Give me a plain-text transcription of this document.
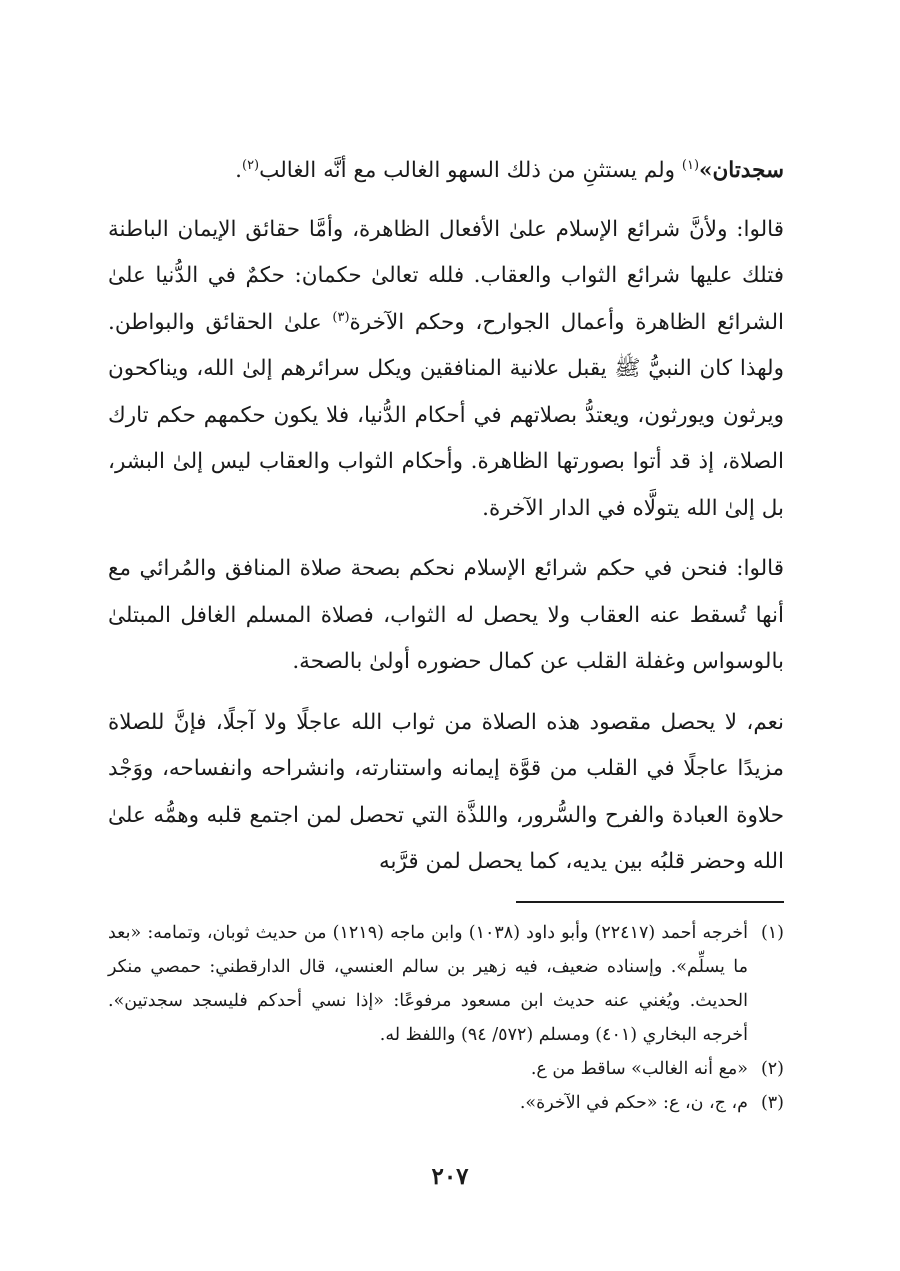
سجدتان»$^{(١)}$ ولم يستثنِ من ذلك السهو الغالب مع أنَّه الغالب$^{(٢)}$.

قالوا: ولأنَّ شرائع الإسلام علىٰ الأفعال الظاهرة، وأمَّا حقائق الإيمان الباطنة فتلك عليها شرائع الثواب والعقاب. فلله تعالىٰ حكمان: حكمٌ في الدُّنيا علىٰ الشرائع الظاهرة وأعمال الجوارح، وحكم الآخرة$^{(٣)}$ علىٰ الحقائق والبواطن. ولهذا كان النبيُّ ﷺ يقبل علانية المنافقين ويكل سرائرهم إلىٰ الله، ويناكحون ويرثون ويورثون، ويعتدُّ بصلاتهم في أحكام الدُّنيا، فلا يكون حكمهم حكم تارك الصلاة، إذ قد أتوا بصورتها الظاهرة. وأحكام الثواب والعقاب ليس إلىٰ البشر، بل إلىٰ الله يتولَّاه في الدار الآخرة.

قالوا: فنحن في حكم شرائع الإسلام نحكم بصحة صلاة المنافق والمُرائي مع أنها تُسقط عنه العقاب ولا يحصل له الثواب، فصلاة المسلم الغافل المبتلىٰ بالوسواس وغفلة القلب عن كمال حضوره أولىٰ بالصحة.

نعم، لا يحصل مقصود هذه الصلاة من ثواب الله عاجلًا ولا آجلًا، فإنَّ للصلاة مزيدًا عاجلًا في القلب من قوَّة إيمانه واستنارته، وانشراحه وانفساحه، ووَجْد حلاوة العبادة والفرح والسُّرور، واللذَّة التي تحصل لمن اجتمع قلبه وهمُّه علىٰ الله وحضر قلبُه بين يديه، كما يحصل لمن قرَّبه

(١)
أخرجه أحمد (٢٢٤١٧) وأبو داود (١٠٣٨) وابن ماجه (١٢١٩) من حديث ثوبان، وتمامه: «بعد ما يسلِّم». وإسناده ضعيف، فيه زهير بن سالم العنسي، قال الدارقطني: حمصي منكر الحديث. ويُغني عنه حديث ابن مسعود مرفوعًا: «إذا نسي أحدكم فليسجد سجدتين». أخرجه البخاري (٤٠١) ومسلم (٥٧٢/ ٩٤) واللفظ له.
(٢)
«مع أنه الغالب» ساقط من ع.
(٣)
م، ج، ن، ع: «حكم في الآخرة».
٢٠٧
